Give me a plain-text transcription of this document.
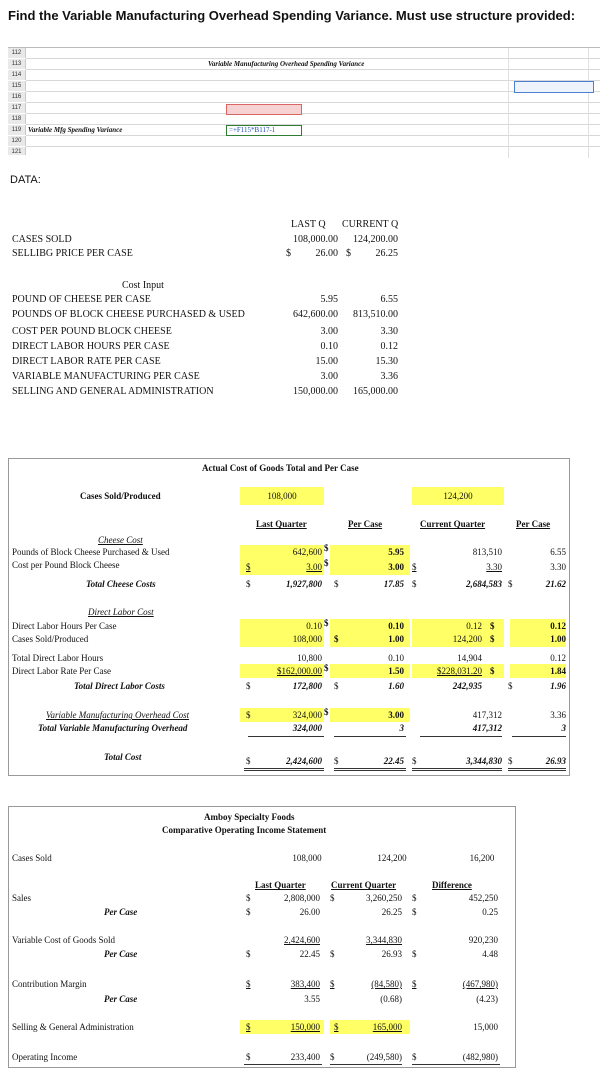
Find the Variable Manufacturing Overhead Spending Variance. Must use structure provided:
112
113
114
115
116
117
118
119
120
121
Variable Manufacturing Overhead Spending Variance
Variable Mfg Spending Variance	=+F115*B117-1
DATA:
LAST Q CURRENT Q
CASES SOLD	108,000.00	124,200.00
SELLIBG PRICE PER CASE	$	26.00 $	26.25
Cost Input
POUND OF CHEESE PER CASE	5.95	6.55
POUNDS OF BLOCK CHEESE PURCHASED & USED	642,600.00	813,510.00
COST PER POUND BLOCK CHEESE	3.00	3.30
DIRECT LABOR HOURS PER CASE	0.10	0.12
DIRECT LABOR RATE PER CASE	15.00	15.30
VARIABLE MANUFACTURING PER CASE	3.00	3.36
SELLING AND GENERAL ADMINISTRATION	150,000.00	165,000.00
Actual Cost of Goods Total and Per Case
Cases Sold/Produced	108,000	124,200
Last Quarter	Per Case	Current Quarter	Per Case
Cheese Cost
Pounds of Block Cheese Purchased & Used	642,600 $	5.95	813,510	6.55
Cost per Pound Block Cheese	$	3.00 $	3.00 $	3.30	3.30
Total Cheese Costs	$	1,927,800 $	17.85 $	2,684,583 $	21.62
Direct Labor Cost
Direct Labor Hours Per Case	0.10 $	0.10	0.12 $	0.12
Cases Sold/Produced	108,000 $	1.00	124,200 $	1.00
Total Direct Labor Hours	10,800	0.10	14,904	0.12
Direct Labor Rate Per Case	$162,000.00 $	1.50	$228,031.20 $	1.84
Total Direct Labor Costs	$	172,800 $	1.60	242,935	$	1.96
Variable Manufacturing Overhead Cost	$	324,000 $	3.00	417,312	3.36
Total Variable Manufacturing Overhead	324,000	3	417,312	3
Total Cost	$	2,424,600 $	22.45 $	3,344,830 $	26.93
Amboy Specialty Foods
Comparative Operating Income Statement
Cases Sold	108,000	124,200	16,200
Last Quarter	Current Quarter	Difference
Sales	$	2,808,000 $	3,260,250 $	452,250
Per Case	$	26.00	26.25 $	0.25
Variable Cost of Goods Sold	2,424,600	3,344,830	920,230
Per Case	$	22.45 $	26.93 $	4.48
Contribution Margin	$	383,400 $	(84,580) $	(467,980)
Per Case	3.55	(0.68)	(4.23)
Selling & General Administration	$	150,000 $	165,000	15,000
Operating Income	$	233,400 $	(249,580) $	(482,980)
